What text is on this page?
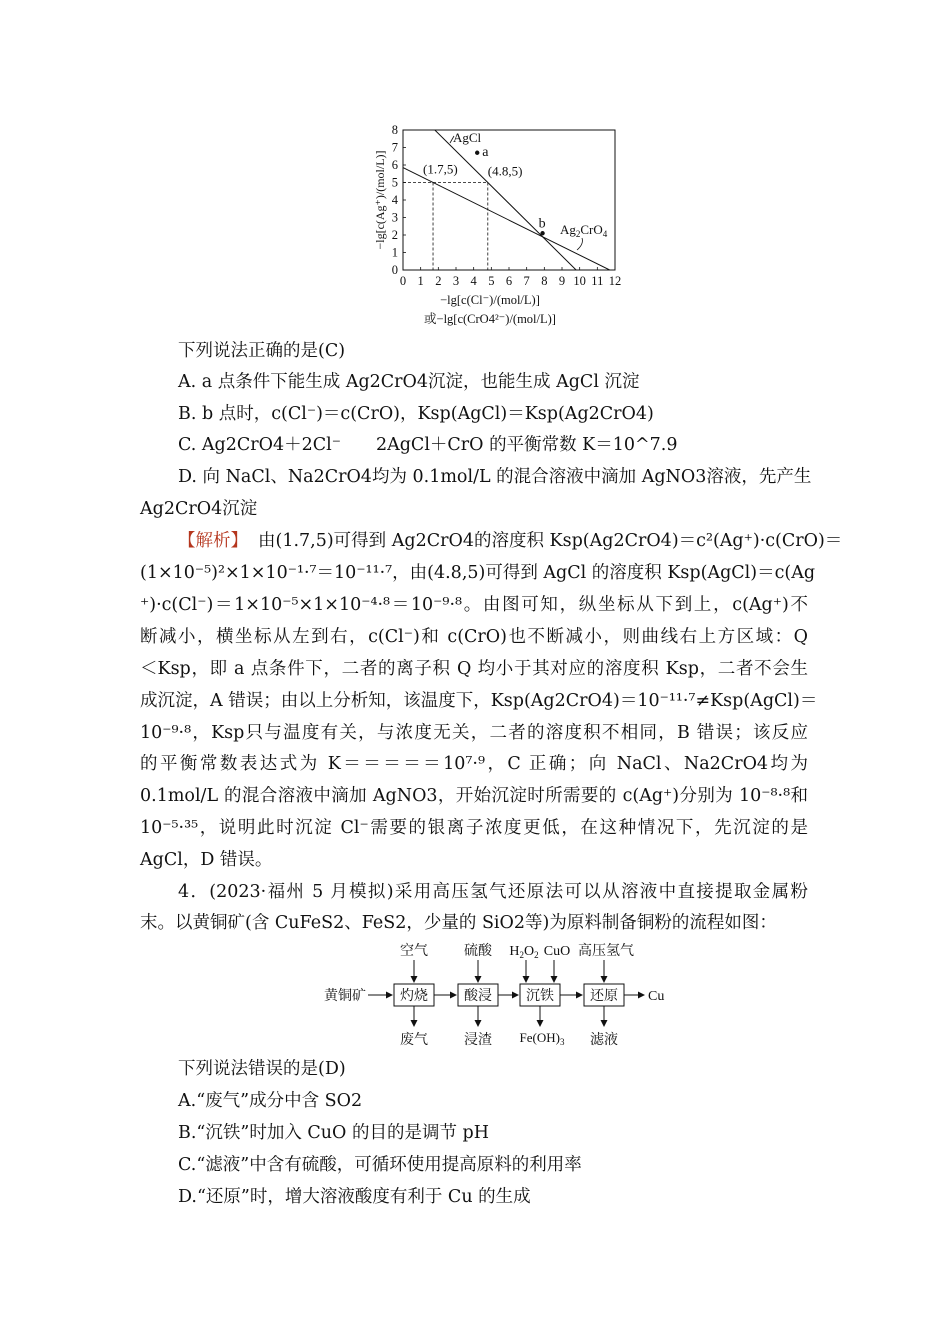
0 1 2 3 4 5 6 7 8 9 10 11 12
0
1
2
3
4
5
6
7
8
a
b
(1.7,5) (4.8,5)
AgCl
$Ag_2CrO_4$
−lg[c(Ag⁺)/(mol/L)]
−lg[c(Cl⁻)/(mol/L)]
或−lg[c(CrO4²⁻)/(mol/L)]
下列说法正确的是(C)
A. a 点条件下能生成 Ag2CrO4沉淀，也能生成 AgCl 沉淀
B. b 点时，c(Cl⁻)＝c(CrO)，Ksp(AgCl)＝Ksp(Ag2CrO4)
C. Ag2CrO4＋2Cl⁻　　2AgCl＋CrO 的平衡常数 K＝10^7.9
D. 向 NaCl、Na2CrO4均为 0.1mol/L 的混合溶液中滴加 AgNO3溶液，先产生
Ag2CrO4沉淀
【解析】 由(1.7,5)可得到 Ag2CrO4的溶度积 Ksp(Ag2CrO4)＝c²(Ag⁺)·c(CrO)＝
(1×10⁻⁵)²×1×10⁻¹·⁷＝10⁻¹¹·⁷，由(4.8,5)可得到 AgCl 的溶度积 Ksp(AgCl)＝c(Ag
⁺)·c(Cl⁻)＝1×10⁻⁵×1×10⁻⁴·⁸＝10⁻⁹·⁸。由图可知，纵坐标从下到上，c(Ag⁺)不
断减小，横坐标从左到右，c(Cl⁻)和 c(CrO)也不断减小，则曲线右上方区域：Q
＜Ksp，即 a 点条件下，二者的离子积 Q 均小于其对应的溶度积 Ksp，二者不会生
成沉淀，A 错误；由以上分析知，该温度下，Ksp(Ag2CrO4)＝10⁻¹¹·⁷≠Ksp(AgCl)＝
10⁻⁹·⁸，Ksp只与温度有关，与浓度无关，二者的溶度积不相同，B 错误；该反应
的平衡常数表达式为 K＝＝＝＝＝10⁷·⁹，C 正确；向 NaCl、Na2CrO4均为
0.1mol/L 的混合溶液中滴加 AgNO3，开始沉淀时所需要的 c(Ag⁺)分别为 10⁻⁸·⁸和
10⁻⁵·³⁵，说明此时沉淀 Cl⁻需要的银离子浓度更低，在这种情况下，先沉淀的是
AgCl，D 错误。
4．(2023·福州 5 月模拟)采用高压氢气还原法可以从溶液中直接提取金属粉
末。以黄铜矿(含 CuFeS2、FeS2，少量的 SiO2等)为原料制备铜粉的流程如图：
黄铜矿 灼烧	酸浸 沉铁	还原 Cu
空气	硫酸 $H_2O_2$ CuO 高压氢气
废气	浸渣 $Fe(OH)_3$ 滤液
下列说法错误的是(D)
A.“废气”成分中含 SO2
B.“沉铁”时加入 CuO 的目的是调节 pH
C.“滤液”中含有硫酸，可循环使用提高原料的利用率
D.“还原”时，增大溶液酸度有利于 Cu 的生成
